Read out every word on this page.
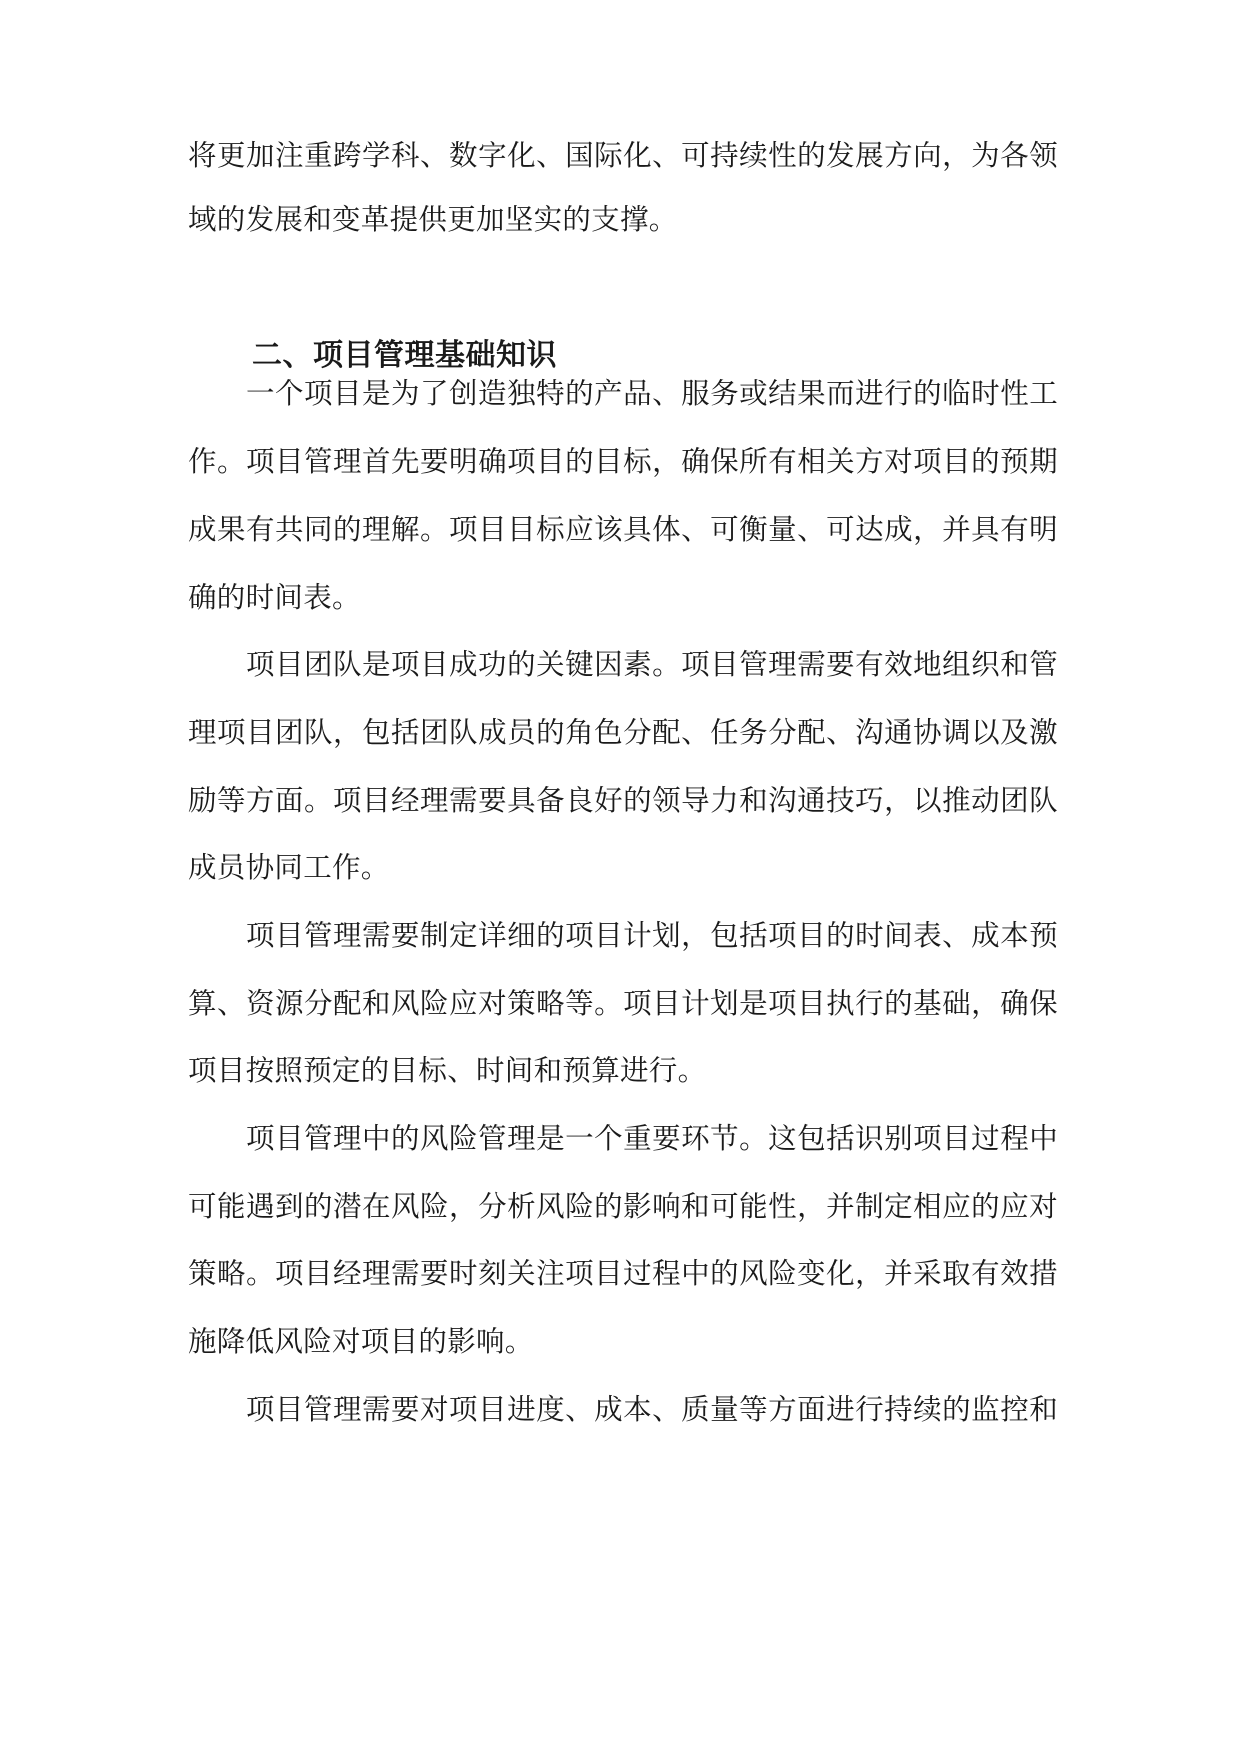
将更加注重跨学科、数字化、国际化、可持续性的发展方向，为各领
域的发展和变革提供更加坚实的支撑。
二、项目管理基础知识
一个项目是为了创造独特的产品、服务或结果而进行的临时性工
作。项目管理首先要明确项目的目标，确保所有相关方对项目的预期
成果有共同的理解。项目目标应该具体、可衡量、可达成，并具有明
确的时间表。
项目团队是项目成功的关键因素。项目管理需要有效地组织和管
理项目团队，包括团队成员的角色分配、任务分配、沟通协调以及激
励等方面。项目经理需要具备良好的领导力和沟通技巧，以推动团队
成员协同工作。
项目管理需要制定详细的项目计划，包括项目的时间表、成本预
算、资源分配和风险应对策略等。项目计划是项目执行的基础，确保
项目按照预定的目标、时间和预算进行。
项目管理中的风险管理是一个重要环节。这包括识别项目过程中
可能遇到的潜在风险，分析风险的影响和可能性，并制定相应的应对
策略。项目经理需要时刻关注项目过程中的风险变化，并采取有效措
施降低风险对项目的影响。
项目管理需要对项目进度、成本、质量等方面进行持续的监控和
